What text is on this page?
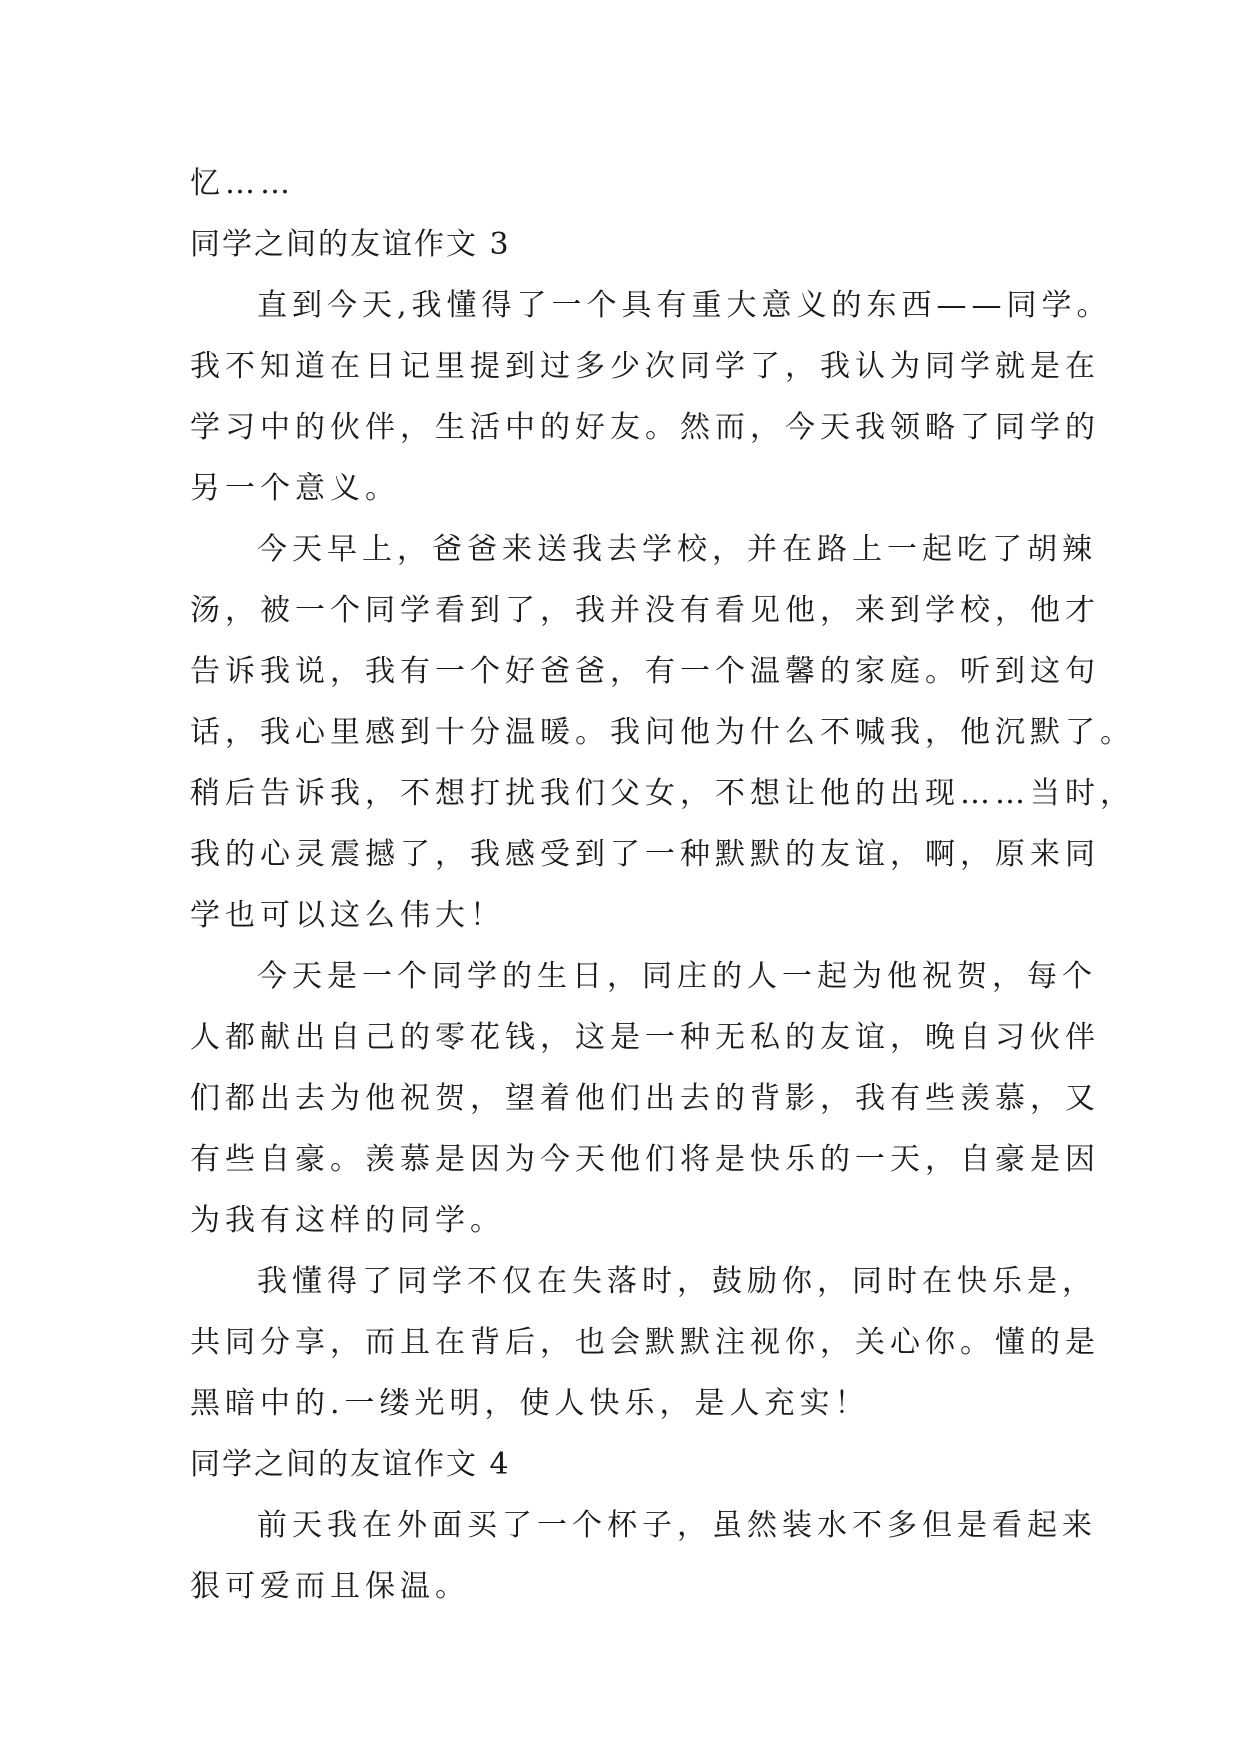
忆……
同学之间的友谊作文 3
直到今天,我懂得了一个具有重大意义的东西——同学。
我不知道在日记里提到过多少次同学了，我认为同学就是在
学习中的伙伴，生活中的好友。然而，今天我领略了同学的
另一个意义。
今天早上，爸爸来送我去学校，并在路上一起吃了胡辣
汤，被一个同学看到了，我并没有看见他，来到学校，他才
告诉我说，我有一个好爸爸，有一个温馨的家庭。听到这句
话，我心里感到十分温暖。我问他为什么不喊我，他沉默了。
稍后告诉我，不想打扰我们父女，不想让他的出现……当时，
我的心灵震撼了，我感受到了一种默默的友谊，啊，原来同
学也可以这么伟大！
今天是一个同学的生日，同庄的人一起为他祝贺，每个
人都献出自己的零花钱，这是一种无私的友谊，晚自习伙伴
们都出去为他祝贺，望着他们出去的背影，我有些羡慕，又
有些自豪。羡慕是因为今天他们将是快乐的一天，自豪是因
为我有这样的同学。
我懂得了同学不仅在失落时，鼓励你，同时在快乐是，
共同分享，而且在背后，也会默默注视你，关心你。懂的是
黑暗中的.一缕光明，使人快乐，是人充实！
同学之间的友谊作文 4
前天我在外面买了一个杯子，虽然装水不多但是看起来
狠可爱而且保温。
